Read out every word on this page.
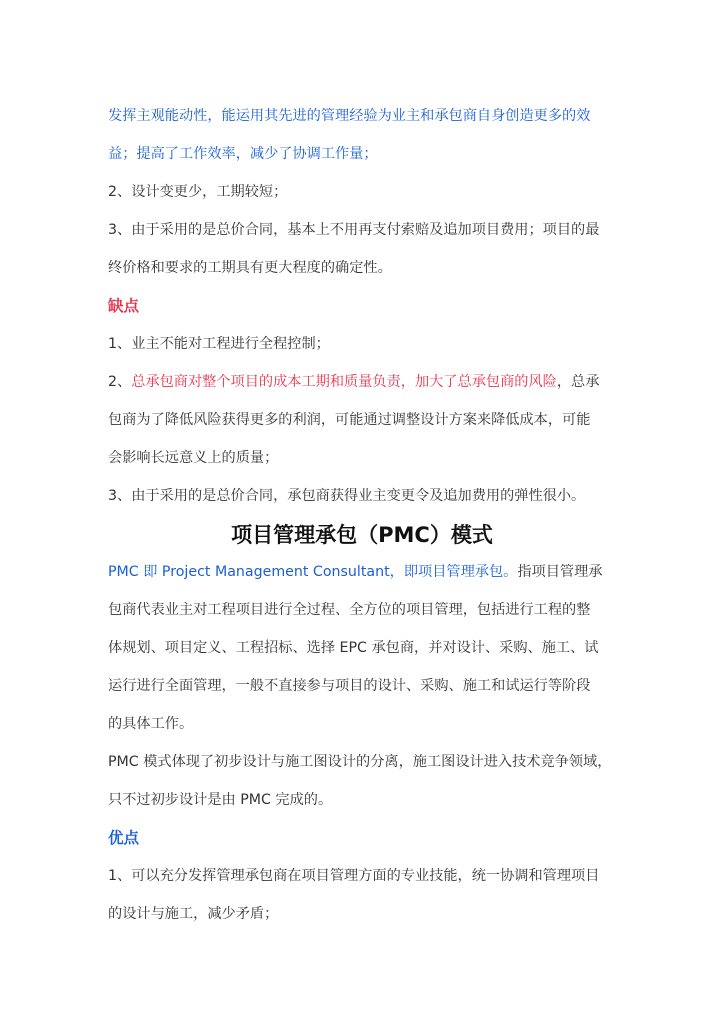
发挥主观能动性，能运用其先进的管理经验为业主和承包商自身创造更多的效
益；提高了工作效率，减少了协调工作量；
2、设计变更少，工期较短；
3、由于采用的是总价合同，基本上不用再支付索赔及追加项目费用；项目的最
终价格和要求的工期具有更大程度的确定性。
缺点
1、业主不能对工程进行全程控制；
2、总承包商对整个项目的成本工期和质量负责，加大了总承包商的风险，总承
包商为了降低风险获得更多的利润，可能通过调整设计方案来降低成本，可能
会影响长远意义上的质量；
3、由于采用的是总价合同，承包商获得业主变更令及追加费用的弹性很小。
项目管理承包（PMC）模式
PMC 即 Project Management Consultant，即项目管理承包。指项目管理承
包商代表业主对工程项目进行全过程、全方位的项目管理，包括进行工程的整
体规划、项目定义、工程招标、选择 EPC 承包商，并对设计、采购、施工、试
运行进行全面管理，一般不直接参与项目的设计、采购、施工和试运行等阶段
的具体工作。
PMC 模式体现了初步设计与施工图设计的分离，施工图设计进入技术竞争领域，
只不过初步设计是由 PMC 完成的。
优点
1、可以充分发挥管理承包商在项目管理方面的专业技能，统一协调和管理项目
的设计与施工，减少矛盾；
